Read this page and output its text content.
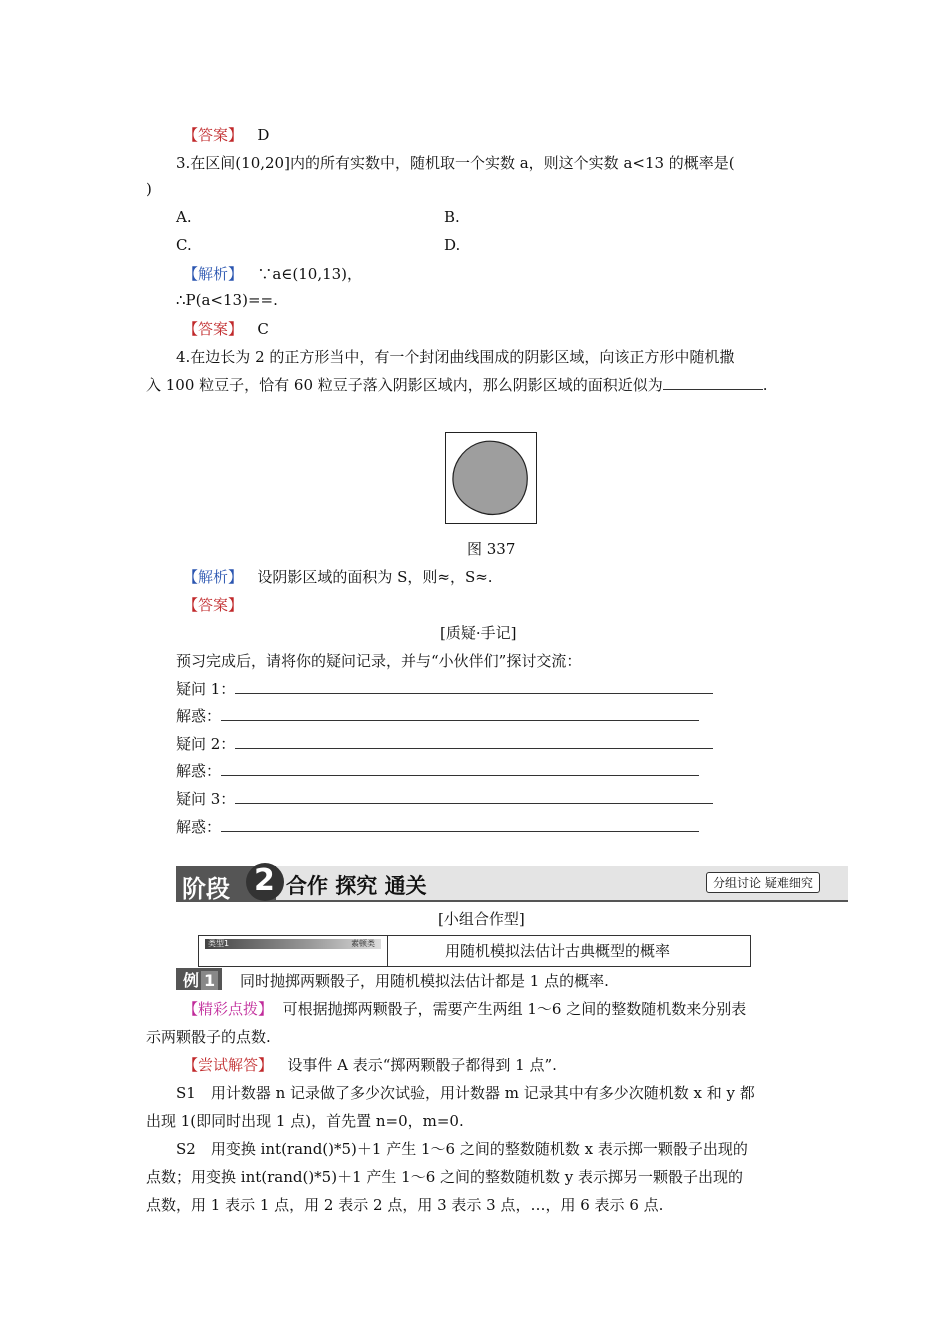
【答案】 D
3.在区间(10,20]内的所有实数中，随机取一个实数 a，则这个实数 a<13 的概率是(
)
A.	B.
C.	D.
【解析】 ∵a∈(10,13)，
∴P(a<13)==.
【答案】 C
4.在边长为 2 的正方形当中，有一个封闭曲线围成的阴影区域，向该正方形中随机撒
入 100 粒豆子，恰有 60 粒豆子落入阴影区域内，那么阴影区域的面积近似为	.
图 337
【解析】 设阴影区域的面积为 S，则≈，S≈.
【答案】
[质疑·手记]
预习完成后，请将你的疑问记录，并与“小伙伴们”探讨交流：
疑问 1：
解惑：
疑问 2：
解惑：
疑问 3：
解惑：
阶段 2 合作 探究 通关	分组讨论 疑难细究
[小组合作型]
类型1	素顿类	用随机模拟法估计古典概型的概率
例 1 同时抛掷两颗骰子，用随机模拟法估计都是 1 点的概率.
【精彩点拨】 可根据抛掷两颗骰子，需要产生两组 1～6 之间的整数随机数来分别表
示两颗骰子的点数.
【尝试解答】 设事件 A 表示“掷两颗骰子都得到 1 点”.
S1　用计数器 n 记录做了多少次试验，用计数器 m 记录其中有多少次随机数 x 和 y 都
出现 1(即同时出现 1 点)，首先置 n=0，m=0.
S2　用变换 int(rand()*5)＋1 产生 1～6 之间的整数随机数 x 表示掷一颗骰子出现的
点数；用变换 int(rand()*5)＋1 产生 1～6 之间的整数随机数 y 表示掷另一颗骰子出现的
点数，用 1 表示 1 点，用 2 表示 2 点，用 3 表示 3 点，…，用 6 表示 6 点.
